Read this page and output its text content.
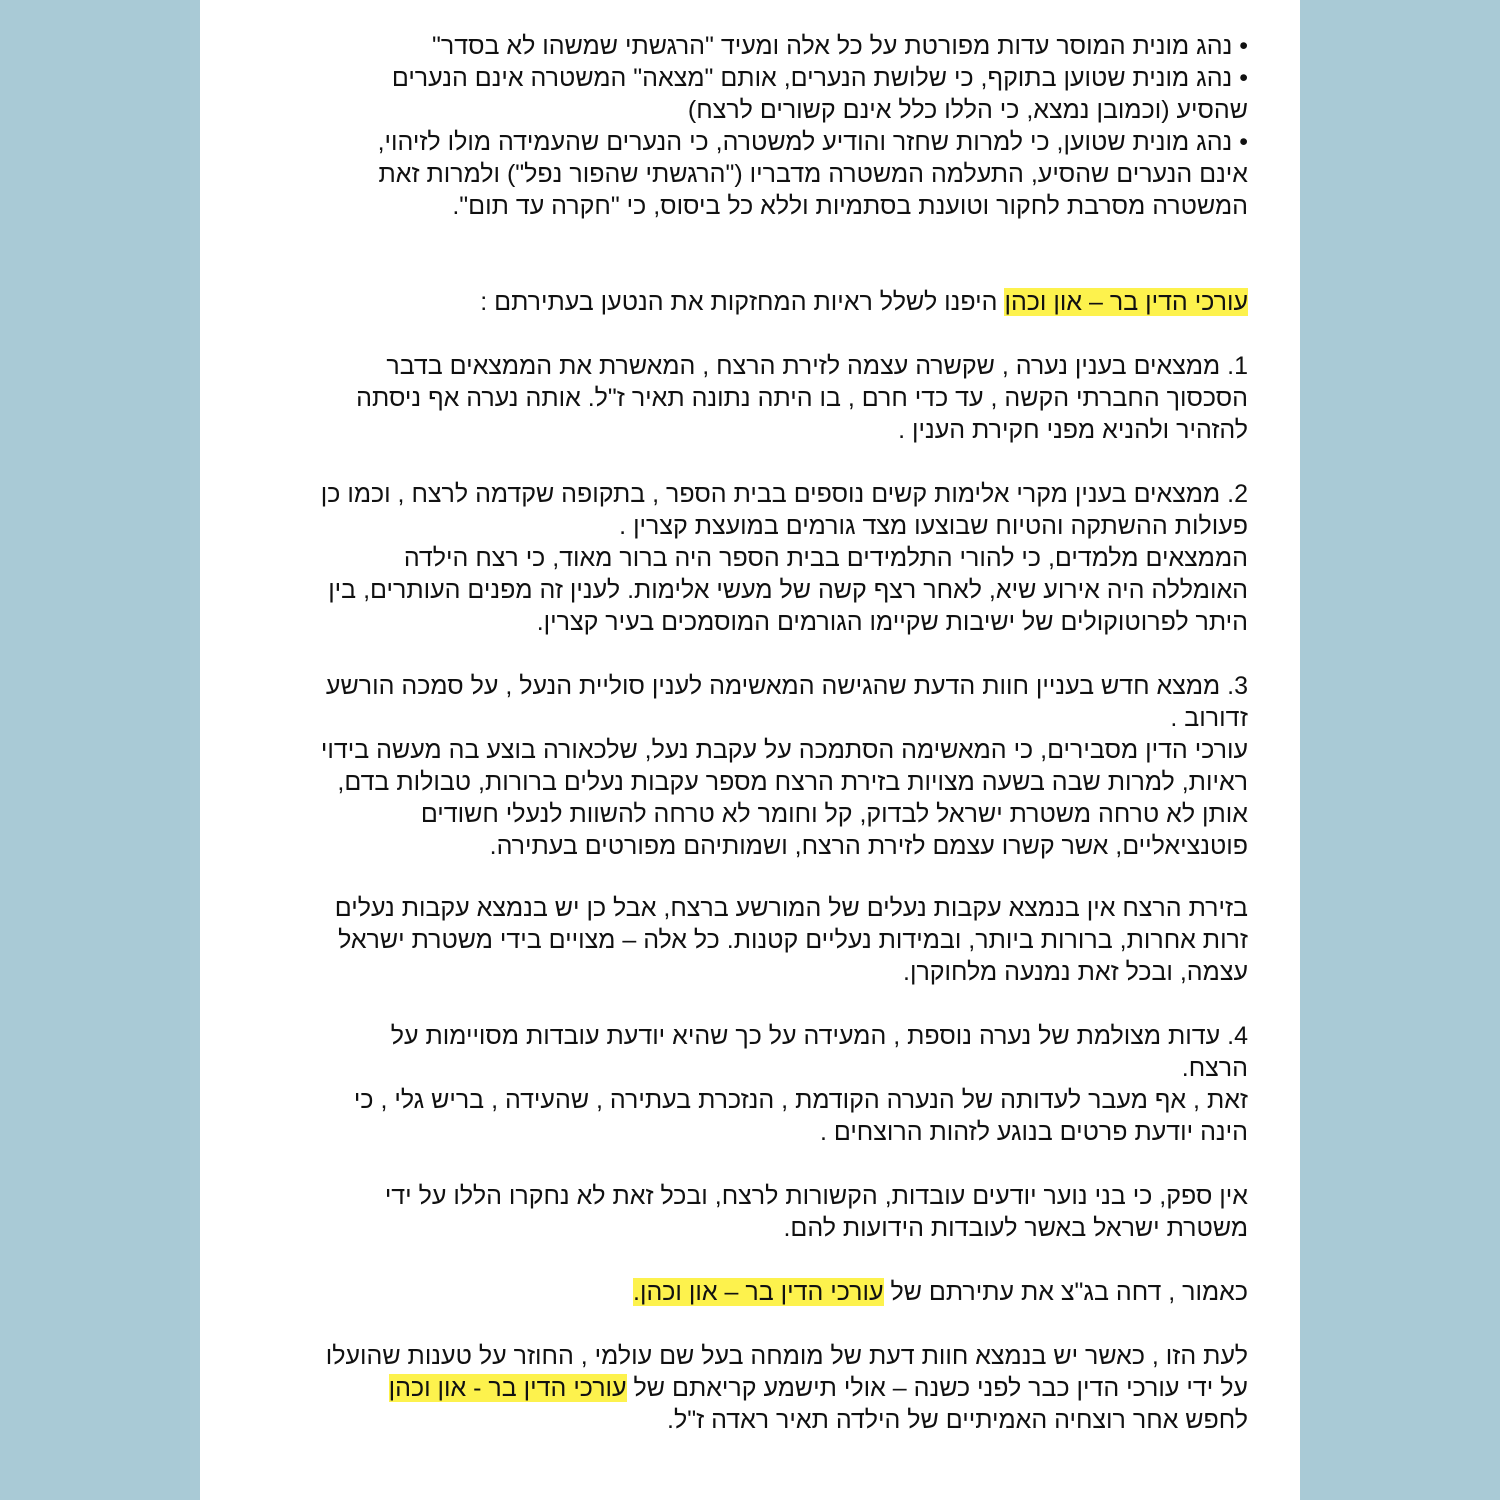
• נהג מונית המוסר עדות מפורטת על כל אלה ומעיד "הרגשתי שמשהו לא בסדר"
• נהג מונית שטוען בתוקף, כי שלושת הנערים, אותם "מצאה" המשטרה אינם הנערים
שהסיע (וכמובן נמצא, כי הללו כלל אינם קשורים לרצח)
• נהג מונית שטוען, כי למרות שחזר והודיע למשטרה, כי הנערים שהעמידה מולו לזיהוי,
אינם הנערים שהסיע, התעלמה המשטרה מדבריו ("הרגשתי שהפור נפל") ולמרות זאת
המשטרה מסרבת לחקור וטוענת בסתמיות וללא כל ביסוס, כי "חקרה עד תום".
עורכי הדין בר – און וכהן היפנו לשלל ראיות המחזקות את הנטען בעתירתם :
1. ממצאים בענין נערה , שקשרה עצמה לזירת הרצח , המאשרת את הממצאים בדבר
הסכסוך החברתי הקשה , עד כדי חרם , בו היתה נתונה תאיר ז"ל. אותה נערה אף ניסתה
להזהיר ולהניא מפני חקירת הענין .
2. ממצאים בענין מקרי אלימות קשים נוספים בבית הספר , בתקופה שקדמה לרצח , וכמו כן
פעולות ההשתקה והטיוח שבוצעו מצד גורמים במועצת קצרין .
הממצאים מלמדים, כי להורי התלמידים בבית הספר היה ברור מאוד, כי רצח הילדה
האומללה היה אירוע שיא, לאחר רצף קשה של מעשי אלימות. לענין זה מפנים העותרים, בין
היתר לפרוטוקולים של ישיבות שקיימו הגורמים המוסמכים בעיר קצרין.
3. ממצא חדש בעניין חוות הדעת שהגישה המאשימה לענין סוליית הנעל , על סמכה הורשע
זדורוב .
עורכי הדין מסבירים, כי המאשימה הסתמכה על עקבת נעל, שלכאורה בוצע בה מעשה בידוי
ראיות, למרות שבה בשעה מצויות בזירת הרצח מספר עקבות נעלים ברורות, טבולות בדם,
אותן לא טרחה משטרת ישראל לבדוק, קל וחומר לא טרחה להשוות לנעלי חשודים
פוטנציאליים, אשר קשרו עצמם לזירת הרצח, ושמותיהם מפורטים בעתירה.
בזירת הרצח אין בנמצא עקבות נעלים של המורשע ברצח, אבל כן יש בנמצא עקבות נעלים
זרות אחרות, ברורות ביותר, ובמידות נעליים קטנות. כל אלה – מצויים בידי משטרת ישראל
עצמה, ובכל זאת נמנעה מלחוקרן.
4. עדות מצולמת של נערה נוספת , המעידה על כך שהיא יודעת עובדות מסויימות על
הרצח.
זאת , אף מעבר לעדותה של הנערה הקודמת , הנזכרת בעתירה , שהעידה , בריש גלי , כי
הינה יודעת פרטים בנוגע לזהות הרוצחים .
אין ספק, כי בני נוער יודעים עובדות, הקשורות לרצח, ובכל זאת לא נחקרו הללו על ידי
משטרת ישראל באשר לעובדות הידועות להם.
כאמור , דחה בג"צ את עתירתם של עורכי הדין בר – און וכהן.
לעת הזו , כאשר יש בנמצא חוות דעת של מומחה בעל שם עולמי , החוזר על טענות שהועלו
על ידי עורכי הדין כבר לפני כשנה – אולי תישמע קריאתם של עורכי הדין בר - און וכהן
לחפש אחר רוצחיה האמיתיים של הילדה תאיר ראדה ז"ל.
